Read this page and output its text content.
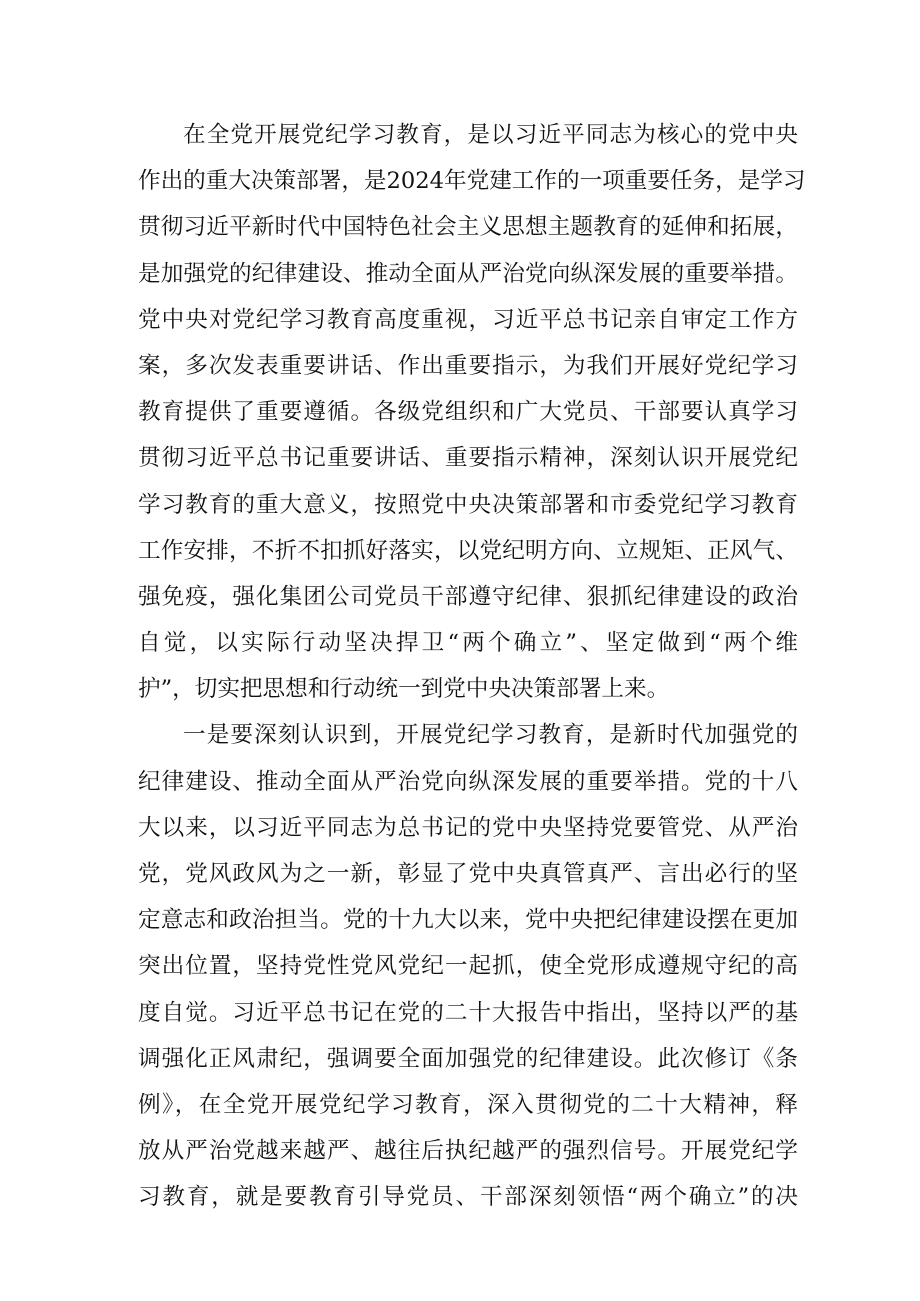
在全党开展党纪学习教育，是以习近平同志为核心的党中央
作出的重大决策部署，是2024年党建工作的一项重要任务，是学习
贯彻习近平新时代中国特色社会主义思想主题教育的延伸和拓展，
是加强党的纪律建设、推动全面从严治党向纵深发展的重要举措。
党中央对党纪学习教育高度重视，习近平总书记亲自审定工作方
案，多次发表重要讲话、作出重要指示，为我们开展好党纪学习
教育提供了重要遵循。各级党组织和广大党员、干部要认真学习
贯彻习近平总书记重要讲话、重要指示精神，深刻认识开展党纪
学习教育的重大意义，按照党中央决策部署和市委党纪学习教育
工作安排，不折不扣抓好落实，以党纪明方向、立规矩、正风气、
强免疫，强化集团公司党员干部遵守纪律、狠抓纪律建设的政治
自觉，以实际行动坚决捍卫“两个确立”、坚定做到“两个维
护”，切实把思想和行动统一到党中央决策部署上来。
一是要深刻认识到，开展党纪学习教育，是新时代加强党的
纪律建设、推动全面从严治党向纵深发展的重要举措。党的十八
大以来，以习近平同志为总书记的党中央坚持党要管党、从严治
党，党风政风为之一新，彰显了党中央真管真严、言出必行的坚
定意志和政治担当。党的十九大以来，党中央把纪律建设摆在更加
突出位置，坚持党性党风党纪一起抓，使全党形成遵规守纪的高
度自觉。习近平总书记在党的二十大报告中指出，坚持以严的基
调强化正风肃纪，强调要全面加强党的纪律建设。此次修订《条
例》，在全党开展党纪学习教育，深入贯彻党的二十大精神，释
放从严治党越来越严、越往后执纪越严的强烈信号。开展党纪学
习教育，就是要教育引导党员、干部深刻领悟“两个确立”的决
